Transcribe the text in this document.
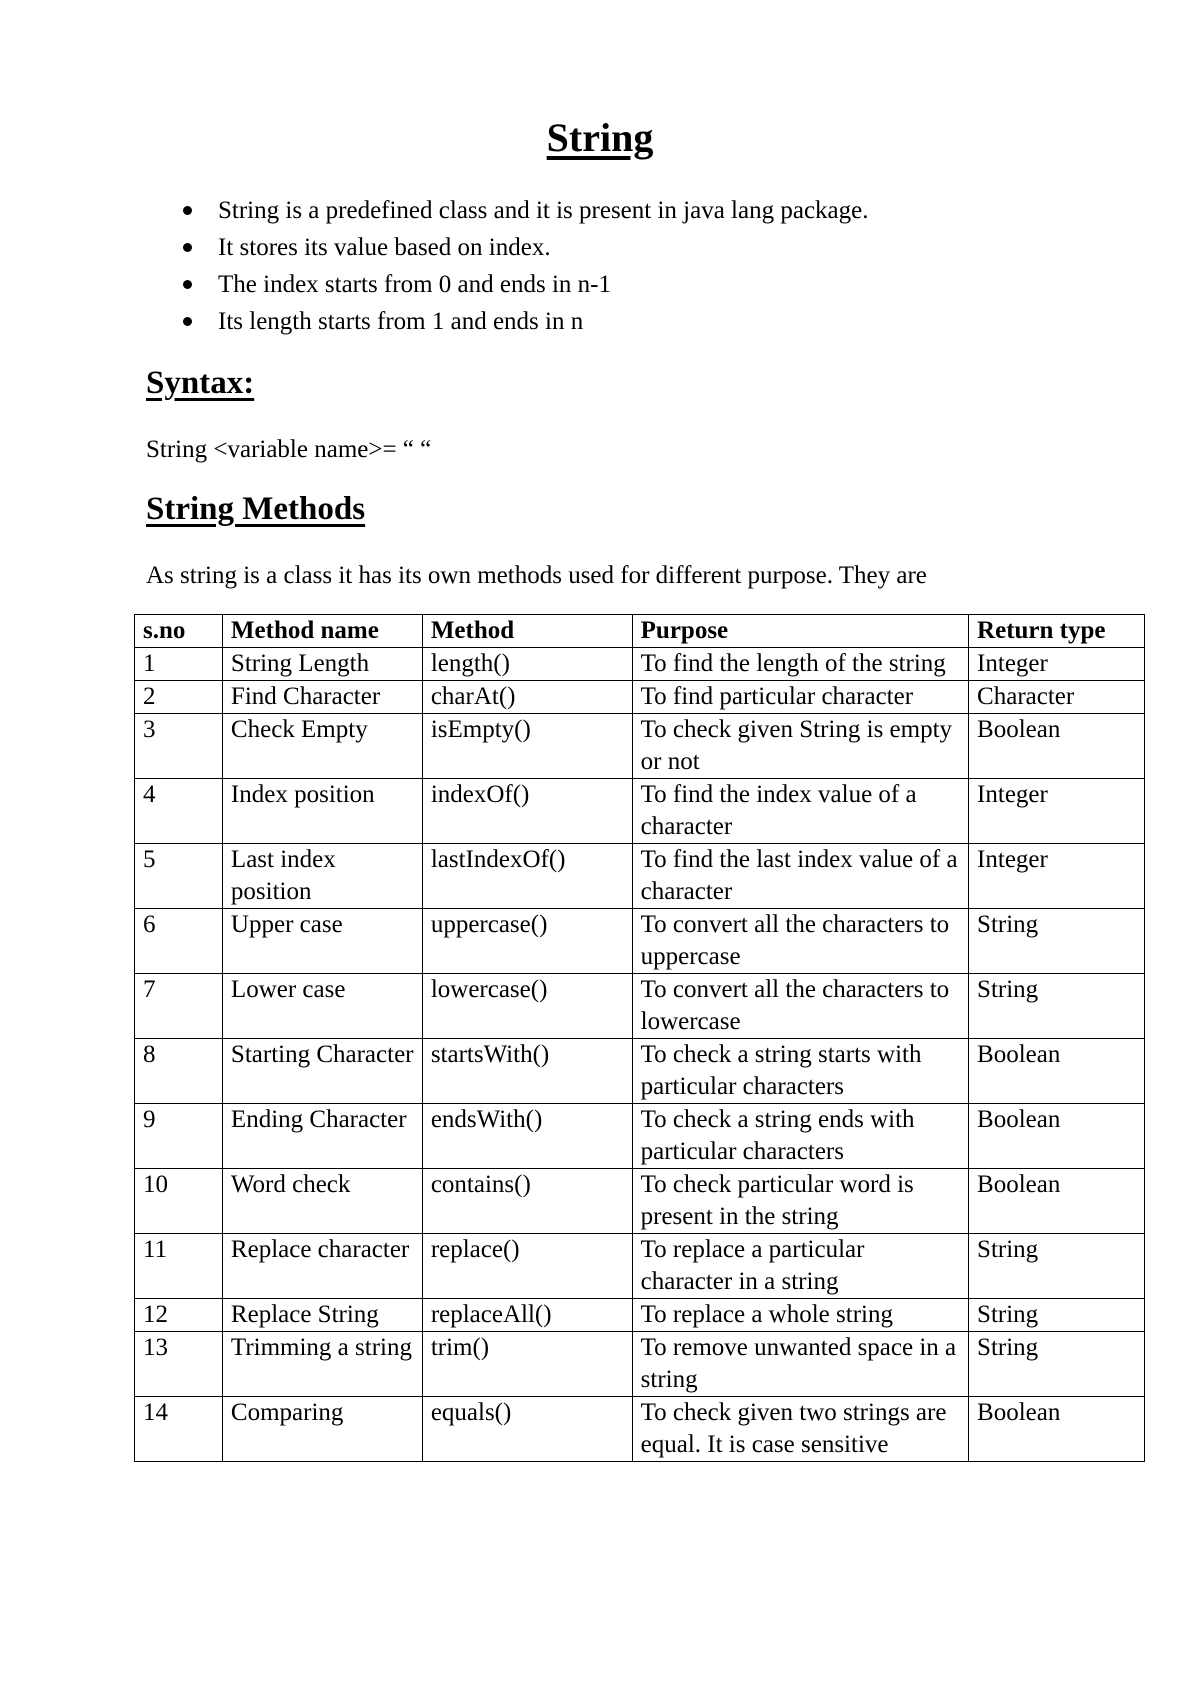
String
String is a predefined class and it is present in java lang package.
It stores its value based on index.
The index starts from 0 and ends in n-1
Its length starts from 1 and ends in n
Syntax:
String <variable name>= “ “
String Methods
As string is a class it has its own methods used for different purpose. They are
s.no	Method name	Method	Purpose	Return type
1	String Length	length()	To find the length of the string	Integer
2	Find Character	charAt()	To find particular character	Character
3	Check Empty	isEmpty()	To check given String is empty or not	Boolean
4	Index position	indexOf()	To find the index value of a character	Integer
5	Last index position	lastIndexOf()	To find the last index value of a character	Integer
6	Upper case	uppercase()	To convert all the characters to uppercase	String
7	Lower case	lowercase()	To convert all the characters to lowercase	String
8	Starting Character	startsWith()	To check a string starts with particular characters	Boolean
9	Ending Character	endsWith()	To check a string ends with particular characters	Boolean
10	Word check	contains()	To check particular word is present in the string	Boolean
11	Replace character	replace()	To replace a particular character in a string	String
12	Replace String	replaceAll()	To replace a whole string	String
13	Trimming a string	trim()	To remove unwanted space in a string	String
14	Comparing	equals()	To check given two strings are equal. It is case sensitive	Boolean
